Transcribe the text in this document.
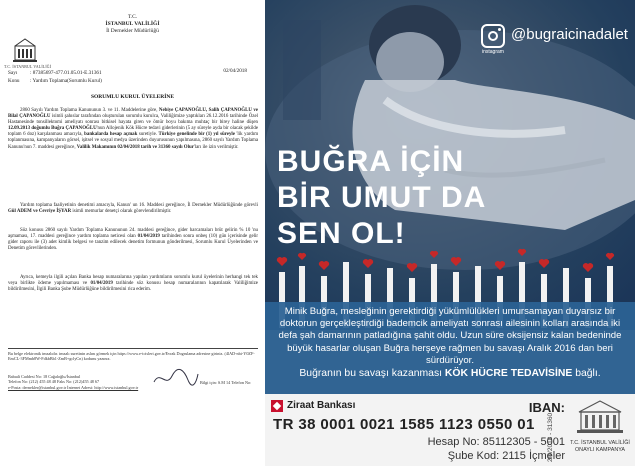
T.C.
İSTANBUL VALİLİĞİ
İl Dernekler Müdürlüğü
T.C. İSTANBUL VALİLİĞİ
Sayı : 87385697-477.01.05.01-E.31361
Konu : Yardım Toplama(Sorumlu Kurul)
02/04/2018
SORUMLU KURUL ÜYELERİNE
2860 Sayılı Yardım Toplama Kanununun 3. ve 11. Maddelerine göre, Nebiye ÇAPANOĞLU, Salih ÇAPANOĞLU ve Bilal ÇAPANOĞLU isimli şahıslar tarafından oluşturulan sorumlu kurulca, Valiliğimize yaptıkları 26.12.2016 tarihinde Özel Hastanesinde tonsillektomi ameliyatı sonrası bitkisel hayata giren ve ömür boyu bakıma muhtaç bir birey haline düşen 12.09.2013 doğumlu Buğra ÇAPANOĞLU'nun Allojenik Kök Hücre tedavi giderlerinin (5 ay süreyle ayda bir olacak şekilde toplam 6 doz) karşılanması amacıyla, bankalarda hesap açmak suretiyle. Türkiye genelinde bir (1) yıl süreyle 'lik yardım toplanmasına, kampanyaların görsel, işitsel ve sosyal medya üzerinden duyurusunun yapılmasına, 2860 sayılı Yardım Toplama Kanunu'nun 7. maddesi gereğince, Valilik Makamının 02/04/2018 tarih ve 31360 sayılı Olur'ları ile izin verilmiştir.
Yardım toplama faaliyetinin denetimi amacıyla, Kanun' un 16. Maddesi gereğince, İl Dernekler Müdürlüğünde görevli Gül ADEM ve Cevriye İŞYAR isimli memurlar denetçi olarak görevlendirilmiştir.
Söz konusu 2860 sayılı Yardım Toplama Kanununun 24. maddesi gereğince, gider harcamaları brüt gelirin % 10 'nu aşmaması, 17. maddesi gereğince yardım toplama neticesi olan 01/04/2019 tarihinden sonra onbeş (10) gün içerisinde gelir gider raporu ile (3) adet kimlik belgesi ve tanzim edilecek denetim formunun gönderilmesi, Sorumlu Kurul Üyelerinden ve Denetim görevlilerinden.
Ayrıca, kemeyla ilgili açılan Banka hesap numaralarına yapılan yardımların sorumlu kurul üyelerinin herhangi tek tek veya birlikte ödeme yapılmaması ve 01/04/2019 tarihinde söz konusu hesap numaralarının kapatılarak Valiliğimize bildirilmesini, İlgili Banka Şube Müdürlüğüne bildirilmesini rica ederim.
Bu belge elektronik imzalıdır. imzalı suretinin aslını görmek için https://www.e-icisleri.gov.tr/Evrak Dogrulama adresine giriniz. (4lAD-nbi-Y0ZF-EmCL-3FMmb8W-FdkbBb1-ZmB+gclyCn) kodunu yazınız.
Babıali Caddesi No: 18 Cağaloğlu/İstanbul
Telefon No: (212) 455 48 48 Faks No: (212)455 48 67
e-Posta: dernekler@istanbul.gov.tr İnternet Adresi: http://www.istanbul.gov.tr
Bilgi için: S.M 14 Telefon No:
@bugraicinadalet
instagram
BUĞRA İÇİN
BİR UMUT DA
SEN OL!
Minik Buğra, mesleğinin gerektirdiği yükümlülükleri umursamayan duyarsız bir doktorun gerçekleştirdiği bademcik ameliyatı sonrası ailesinin kolları arasında iki defa şah damarının patladığına şahit oldu. Uzun süre oksijensiz kalan bedeninde büyük hasarlar oluşan Buğra herşeye rağmen bu savaşı Aralık 2016 dan beri sürdürüyor.
Buğranın bu savaşı kazanması KÖK HÜCRE TEDAVİSİNE bağlı.
Ziraat Bankası	IBAN:
TR 38 0001 0021 1585 1123 0550 01
Hesap No: 85112305 - 5001
Şube Kod: 2115 İçmeler
2/4/2018 - 31360	T.C. İSTANBUL VALİLİĞİ
ONAYLI KAMPANYA
